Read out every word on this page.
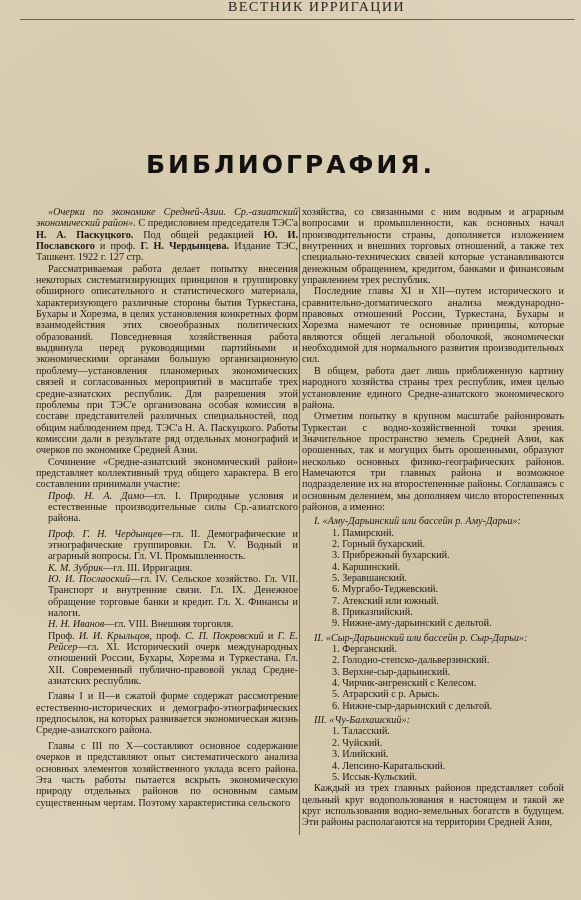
ВЕСТНИК ИРРИГАЦИИ
БИБЛИОГРАФИЯ.

«Очерки по экономике Средней-Азии. Ср.-азиатский экономический район». С предисловием председателя ТЭС'а Н. А. Паскуцкого. Под общей редакцией Ю. И. Поcлавского и проф. Г. Н. Чердынцева. Издание ТЭС, Ташкент. 1922 г. 127 стр.

Рассматриваемая работа делает попытку внесения некоторых систематизирующих принципов в группировку обширного описательного и статистического материала, характеризующего различные стороны бытия Туркестана, Бухары и Хорезма, в целях установления конкретных форм взаимодействия этих своеобразных политических образований. Повседневная хозяйственная работа выдвинула перед руководящими партийными и экономическими органами большую организационную проблему—установления планомерных экономических связей и согласованных мероприятий в масштабе трех средне-азиатских республик. Для разрешения этой проблемы при ТЭС'е организована особая комиссия в составе представителей различных специальностей, под общим наблюдением пред. ТЭС'а Н. А. Паскуцкого. Работы комиссии дали в результате ряд отдельных монографий и очерков по экономике Средней Азии.

Сочинение «Средне-азиатский экономический район» представляет коллективный труд общего характера. В его составлении принимали участие:

Проф. Н. А. Димо—гл. I. Природные условия и естественные производительные силы Ср.-азиатского района.

Проф. Г. Н. Чердынцев—гл. II. Демографические и этнографические группировки. Гл. V. Водный и аграрный вопросы. Гл. VI. Промышленность.

К. М. Зубрик—гл. III. Ирригация.

Ю. И. Послаоский—гл. IV. Сельское хозяйство. Гл. VII. Транспорт и внутренние связи. Гл. IX. Денежное обращение торговые банки и кредит. Гл. X. Финансы и налоги.

Н. Н. Иванов—гл. VIII. Внешняя торговля.

Проф. И. И. Крыльцов, проф. С. П. Покровский и Г. Е. Рейсер—гл. XI. Исторический очерк международных отношений России, Бухары, Хорезма и Туркестана. Гл. XII. Современный публично-правовой уклад Средне-азиатских республик.

Главы I и II—в сжатой форме содержат рассмотрение естественно-исторических и демографо-этнографических предпосылок, на которых развивается экономическая жизнь Средне-азиатского района.

Главы с III по X—составляют основное содержание очерков и представляют опыт систематического анализа основных элементов хозяйственного уклада всего района. Эта часть работы пытается вскрыть экономическую природу отдельных районов по основным самым существенным чертам. Поэтому характеристика сельского

хозяйства, со связанными с ним водным и аграрным вопросами и промышленности, как основных начал производительности страны, дополняется изложением внутренних и внешних торговых отношений, а также тех специально-технических связей которые устанавливаются денежным обращением, кредитом, банками и финансовым управлением трех республик.

Последние главы XI и XII—путем исторического и сравнительно-догматического анализа международно-правовых отношений России, Туркестана, Бухары и Хорезма намечают те основные принципы, которые являются общей легальной оболочкой, экономически необходимой для нормального развития производительных сил.

В общем, работа дает лишь приближенную картину народного хозяйства страны трех республик, имея целью установление единого Средне-азиатского экономического района.

Отметим попытку в крупном масштабе районировать Туркестан с водно-хозяйственной точки зрения. Значительное пространство земель Средней Азии, как орошенных, так и могущих быть орошенными, образуют несколько основных физико-географических районов. Намечаются три главных района и возможное подразделение их на второстепенные районы. Соглашаясь с основным делением, мы дополняем число второстепенных районов, а именно:

I. «Аму-Дарьинский или бассейн р. Аму-Дарьи»:

1. Памирский.
2. Горный бухарский.
3. Прибрежный бухарский.
4. Каршинский.
5. Зеравшанский.
6. Мургабо-Теджевский.
7. Атекский или южный.
8. Приказпийский.
9. Нижне-аму-дарьинский с дельтой.

II. «Сыр-Дарьинский или бассейн р. Сыр-Дарьи»:

1. Ферганский.
2. Голодно-степско-дальверзинский.
3. Верхне-сыр-дарьинский.
4. Чирчик-ангренский с Келесом.
5. Атрарский с р. Арысь.
6. Нижне-сыр-дарьинский с дельтой.

III. «Чу-Балхашский»:

1. Таласский.
2. Чуйский.
3. Илийский.
4. Лепсино-Каратальский.
5. Иссык-Кульский.

Каждый из трех главных районов представляет собой цельный круг водопользования в настоящем и такой же круг использования водно-земельных богатств в будущем. Эти районы располагаются на территории Средней Азии,
